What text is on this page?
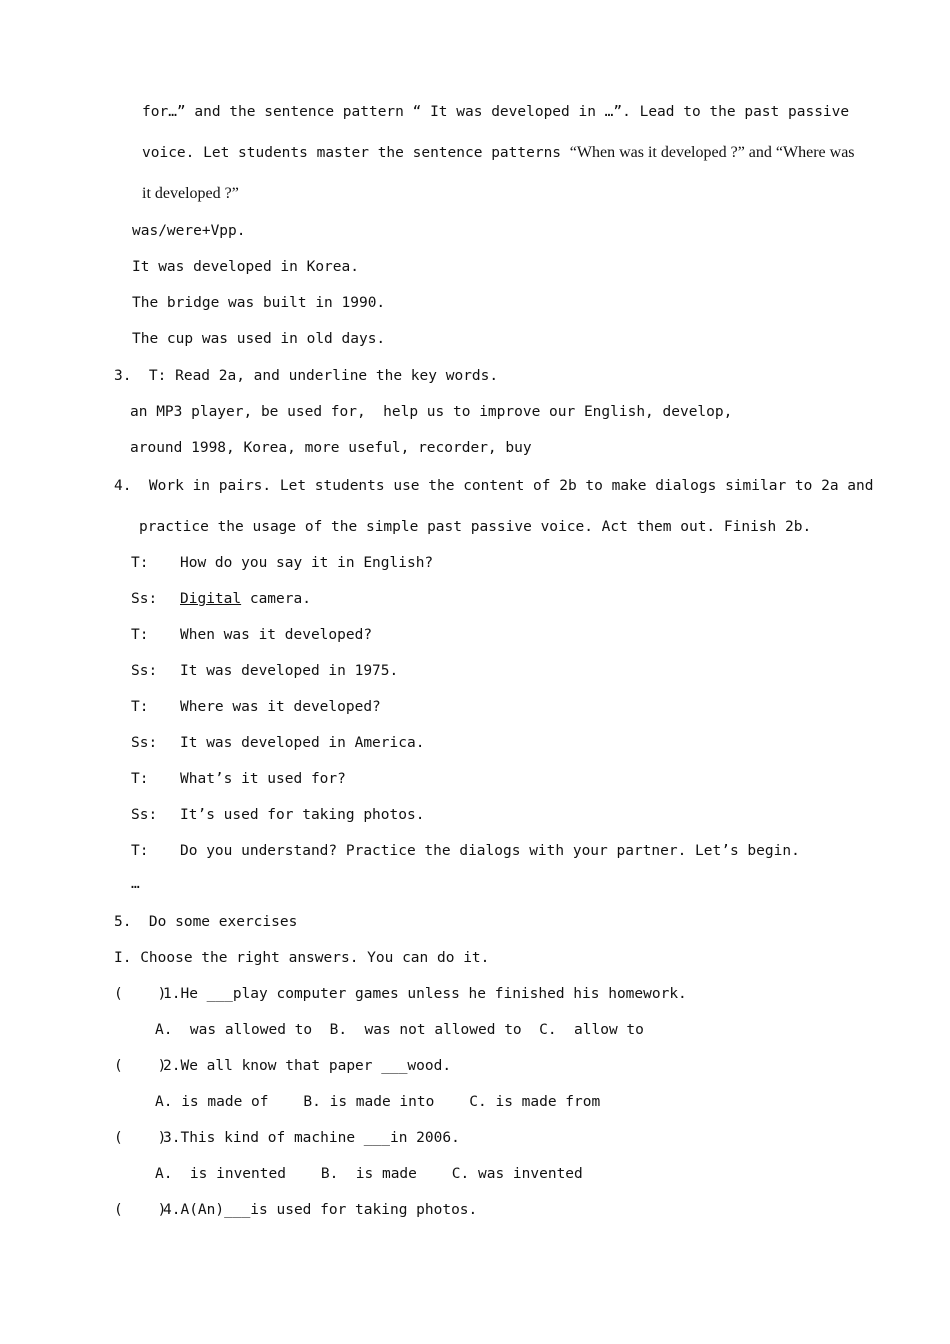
for…” and the sentence pattern “ It was developed in …”. Lead to the past passive
voice. Let students master the sentence patterns “When was it developed ?” and “Where was
it developed ?”
was/were+Vpp.
It was developed in Korea.
The bridge was built in 1990.
The cup was used in old days.
3.  T: Read 2a, and underline the key words.
an MP3 player, be used for,  help us to improve our English, develop,
around 1998, Korea, more useful, recorder, buy
4.  Work in pairs. Let students use the content of 2b to make dialogs similar to 2a and
practice the usage of the simple past passive voice. Act them out. Finish 2b.
T: How do you say it in English?
Ss: Digital camera.
T: When was it developed?
Ss: It was developed in 1975.
T: Where was it developed?
Ss: It was developed in America.
T: What’s it used for?
Ss: It’s used for taking photos.
T: Do you understand? Practice the dialogs with your partner. Let’s begin.
…
5.  Do some exercises
I. Choose the right answers. You can do it.
(    )
1.He ___play computer games unless he finished his homework.
A.  was allowed to  B.  was not allowed to  C.  allow to
(    )
2.We all know that paper ___wood.
A. is made of    B. is made into    C. is made from
(    )
3.This kind of machine ___in 2006.
A.  is invented    B.  is made    C. was invented
(    )
4.A(An)___is used for taking photos.
